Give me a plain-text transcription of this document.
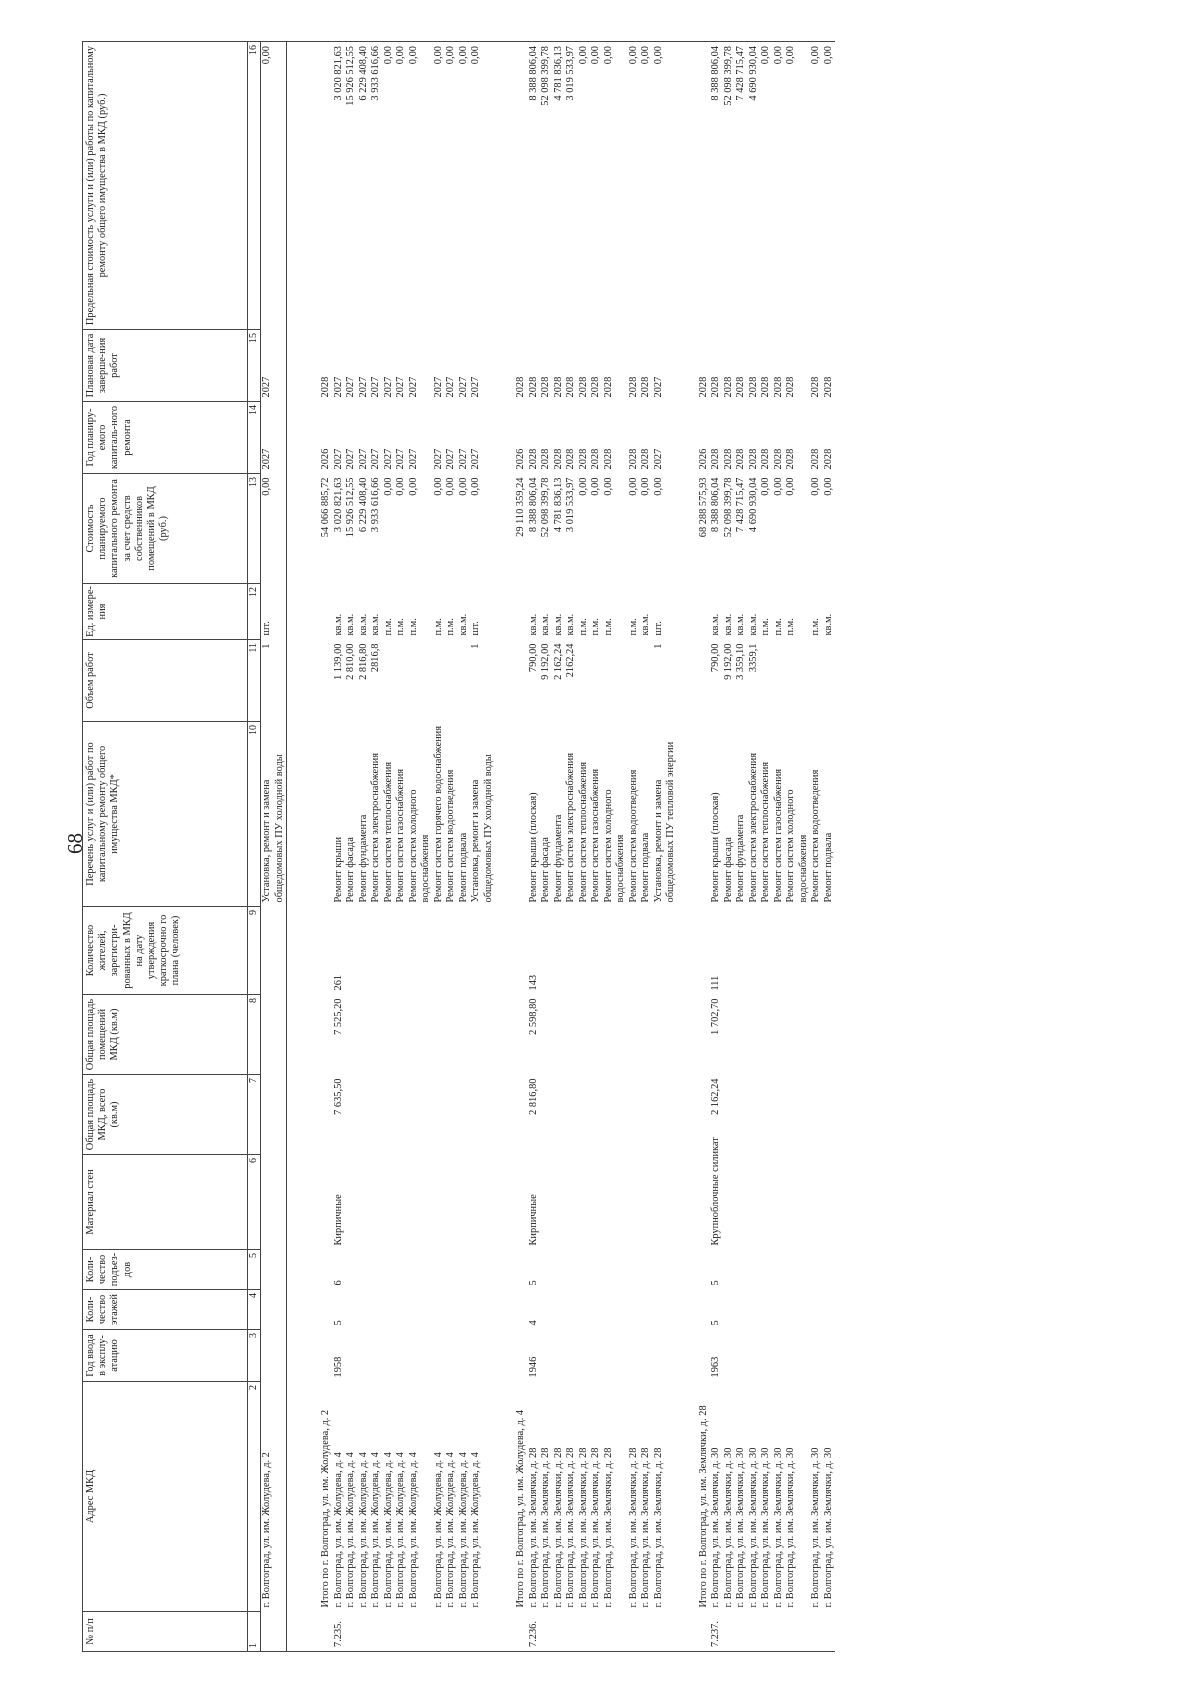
68
№ п/п	Адрес МКД	Год ввода в эксплу-атацию	Коли-чество этажей	Коли-чество подъез-дов	Материал стен	Общая площадь МКД, всего (кв.м)	Общая площадь помещений МКД (кв.м)	Количество жителей, зарегистри-рованных в МКД на дату утверждения краткосрочно го плана (человек)	Перечень услуг и (или) работ по капитальному ремонту общего имущества МКД*	Объем работ	Ед. измере-ния	Стоимость планируемого капитального ремонта за счет средств собственников помещений в МКД (руб.)	Год планиру-емого капиталь-ного ремонта	Плановая дата заверше-ния работ	Предельная стоимость услуги и (или) работы по капитальному ремонту общего имущества в МКД (руб.)
1	2	3	4	5	6	7	8	9	10	11	12	13	14	15	16
	г. Волгоград, ул. им. Жолудева, д. 2								Установка, ремонт и замена общедомовых ПУ холодной воды	1	шт.	0,00	2027	2027	0,00

	Итого по г. Волгоград, ул. им. Жолудева, д. 2											54 066 885,72	2026	2028	
7.235.	г. Волгоград, ул. им. Жолудева, д. 4	1958	5	6	Кирпичные	7 635,50	7 525,20	261	Ремонт крыши	1 139,00	кв.м.	3 020 821,63	2027	2027	3 020 821,63
	г. Волгоград, ул. им. Жолудева, д. 4								Ремонт фасада	2 810,00	кв.м.	15 926 512,55	2027	2027	15 926 512,55
	г. Волгоград, ул. им. Жолудева, д. 4								Ремонт фундамента	2 816,80	кв.м.	6 229 408,40	2027	2027	6 229 408,40
	г. Волгоград, ул. им. Жолудева, д. 4								Ремонт систем электроснабжения	2816,8	кв.м.	3 933 616,66	2027	2027	3 933 616,66
	г. Волгоград, ул. им. Жолудева, д. 4								Ремонт систем теплоснабжения		п.м.	0,00	2027	2027	0,00
	г. Волгоград, ул. им. Жолудева, д. 4								Ремонт систем газоснабжения		п.м.	0,00	2027	2027	0,00
	г. Волгоград, ул. им. Жолудева, д. 4								Ремонт систем холодного водоснабжения		п.м.	0,00	2027	2027	0,00
	г. Волгоград, ул. им. Жолудева, д. 4								Ремонт систем горячего водоснабжения		п.м.	0,00	2027	2027	0,00
	г. Волгоград, ул. им. Жолудева, д. 4								Ремонт систем водоотведения		п.м.	0,00	2027	2027	0,00
	г. Волгоград, ул. им. Жолудева, д. 4								Ремонт подвала		кв.м.	0,00	2027	2027	0,00
	г. Волгоград, ул. им. Жолудева, д. 4								Установка, ремонт и замена общедомовых ПУ холодной воды	1	шт.	0,00	2027	2027	0,00
	Итого по г. Волгоград, ул. им. Жолудева, д. 4											29 110 359,24	2026	2028	
7.236.	г. Волгоград, ул. им. Землячки, д. 28	1946	4	5	Кирпичные	2 816,80	2 598,80	143	Ремонт крыши (плоская)	790,00	кв.м.	8 388 806,04	2028	2028	8 388 806,04
	г. Волгоград, ул. им. Землячки, д. 28								Ремонт фасада	9 192,00	кв.м.	52 098 399,78	2028	2028	52 098 399,78
	г. Волгоград, ул. им. Землячки, д. 28								Ремонт фундамента	2 162,24	кв.м.	4 781 836,13	2028	2028	4 781 836,13
	г. Волгоград, ул. им. Землячки, д. 28								Ремонт систем электроснабжения	2162,24	кв.м.	3 019 533,97	2028	2028	3 019 533,97
	г. Волгоград, ул. им. Землячки, д. 28								Ремонт систем теплоснабжения		п.м.	0,00	2028	2028	0,00
	г. Волгоград, ул. им. Землячки, д. 28								Ремонт систем газоснабжения		п.м.	0,00	2028	2028	0,00
	г. Волгоград, ул. им. Землячки, д. 28								Ремонт систем холодного водоснабжения		п.м.	0,00	2028	2028	0,00
	г. Волгоград, ул. им. Землячки, д. 28								Ремонт систем водоотведения		п.м.	0,00	2028	2028	0,00
	г. Волгоград, ул. им. Землячки, д. 28								Ремонт подвала		кв.м.	0,00	2028	2028	0,00
	г. Волгоград, ул. им. Землячки, д. 28								Установка, ремонт и замена общедомовых ПУ тепловой энергии	1	шт.	0,00	2027	2027	0,00
	Итого по г. Волгоград, ул. им. Землячки, д. 28											68 288 575,93	2026	2028	
7.237.	г. Волгоград, ул. им. Землячки, д. 30	1963	5	5	Крупноблочные силикат	2 162,24	1 702,70	111	Ремонт крыши (плоская)	790,00	кв.м.	8 388 806,04	2028	2028	8 388 806,04
	г. Волгоград, ул. им. Землячки, д. 30								Ремонт фасада	9 192,00	кв.м.	52 098 399,78	2028	2028	52 098 399,78
	г. Волгоград, ул. им. Землячки, д. 30								Ремонт фундамента	3 359,10	кв.м.	7 428 715,47	2028	2028	7 428 715,47
	г. Волгоград, ул. им. Землячки, д. 30								Ремонт систем электроснабжения	3359,1	кв.м.	4 690 930,04	2028	2028	4 690 930,04
	г. Волгоград, ул. им. Землячки, д. 30								Ремонт систем теплоснабжения		п.м.	0,00	2028	2028	0,00
	г. Волгоград, ул. им. Землячки, д. 30								Ремонт систем газоснабжения		п.м.	0,00	2028	2028	0,00
	г. Волгоград, ул. им. Землячки, д. 30								Ремонт систем холодного водоснабжения		п.м.	0,00	2028	2028	0,00
	г. Волгоград, ул. им. Землячки, д. 30								Ремонт систем водоотведения		п.м.	0,00	2028	2028	0,00
	г. Волгоград, ул. им. Землячки, д. 30								Ремонт подвала		кв.м.	0,00	2028	2028	0,00
